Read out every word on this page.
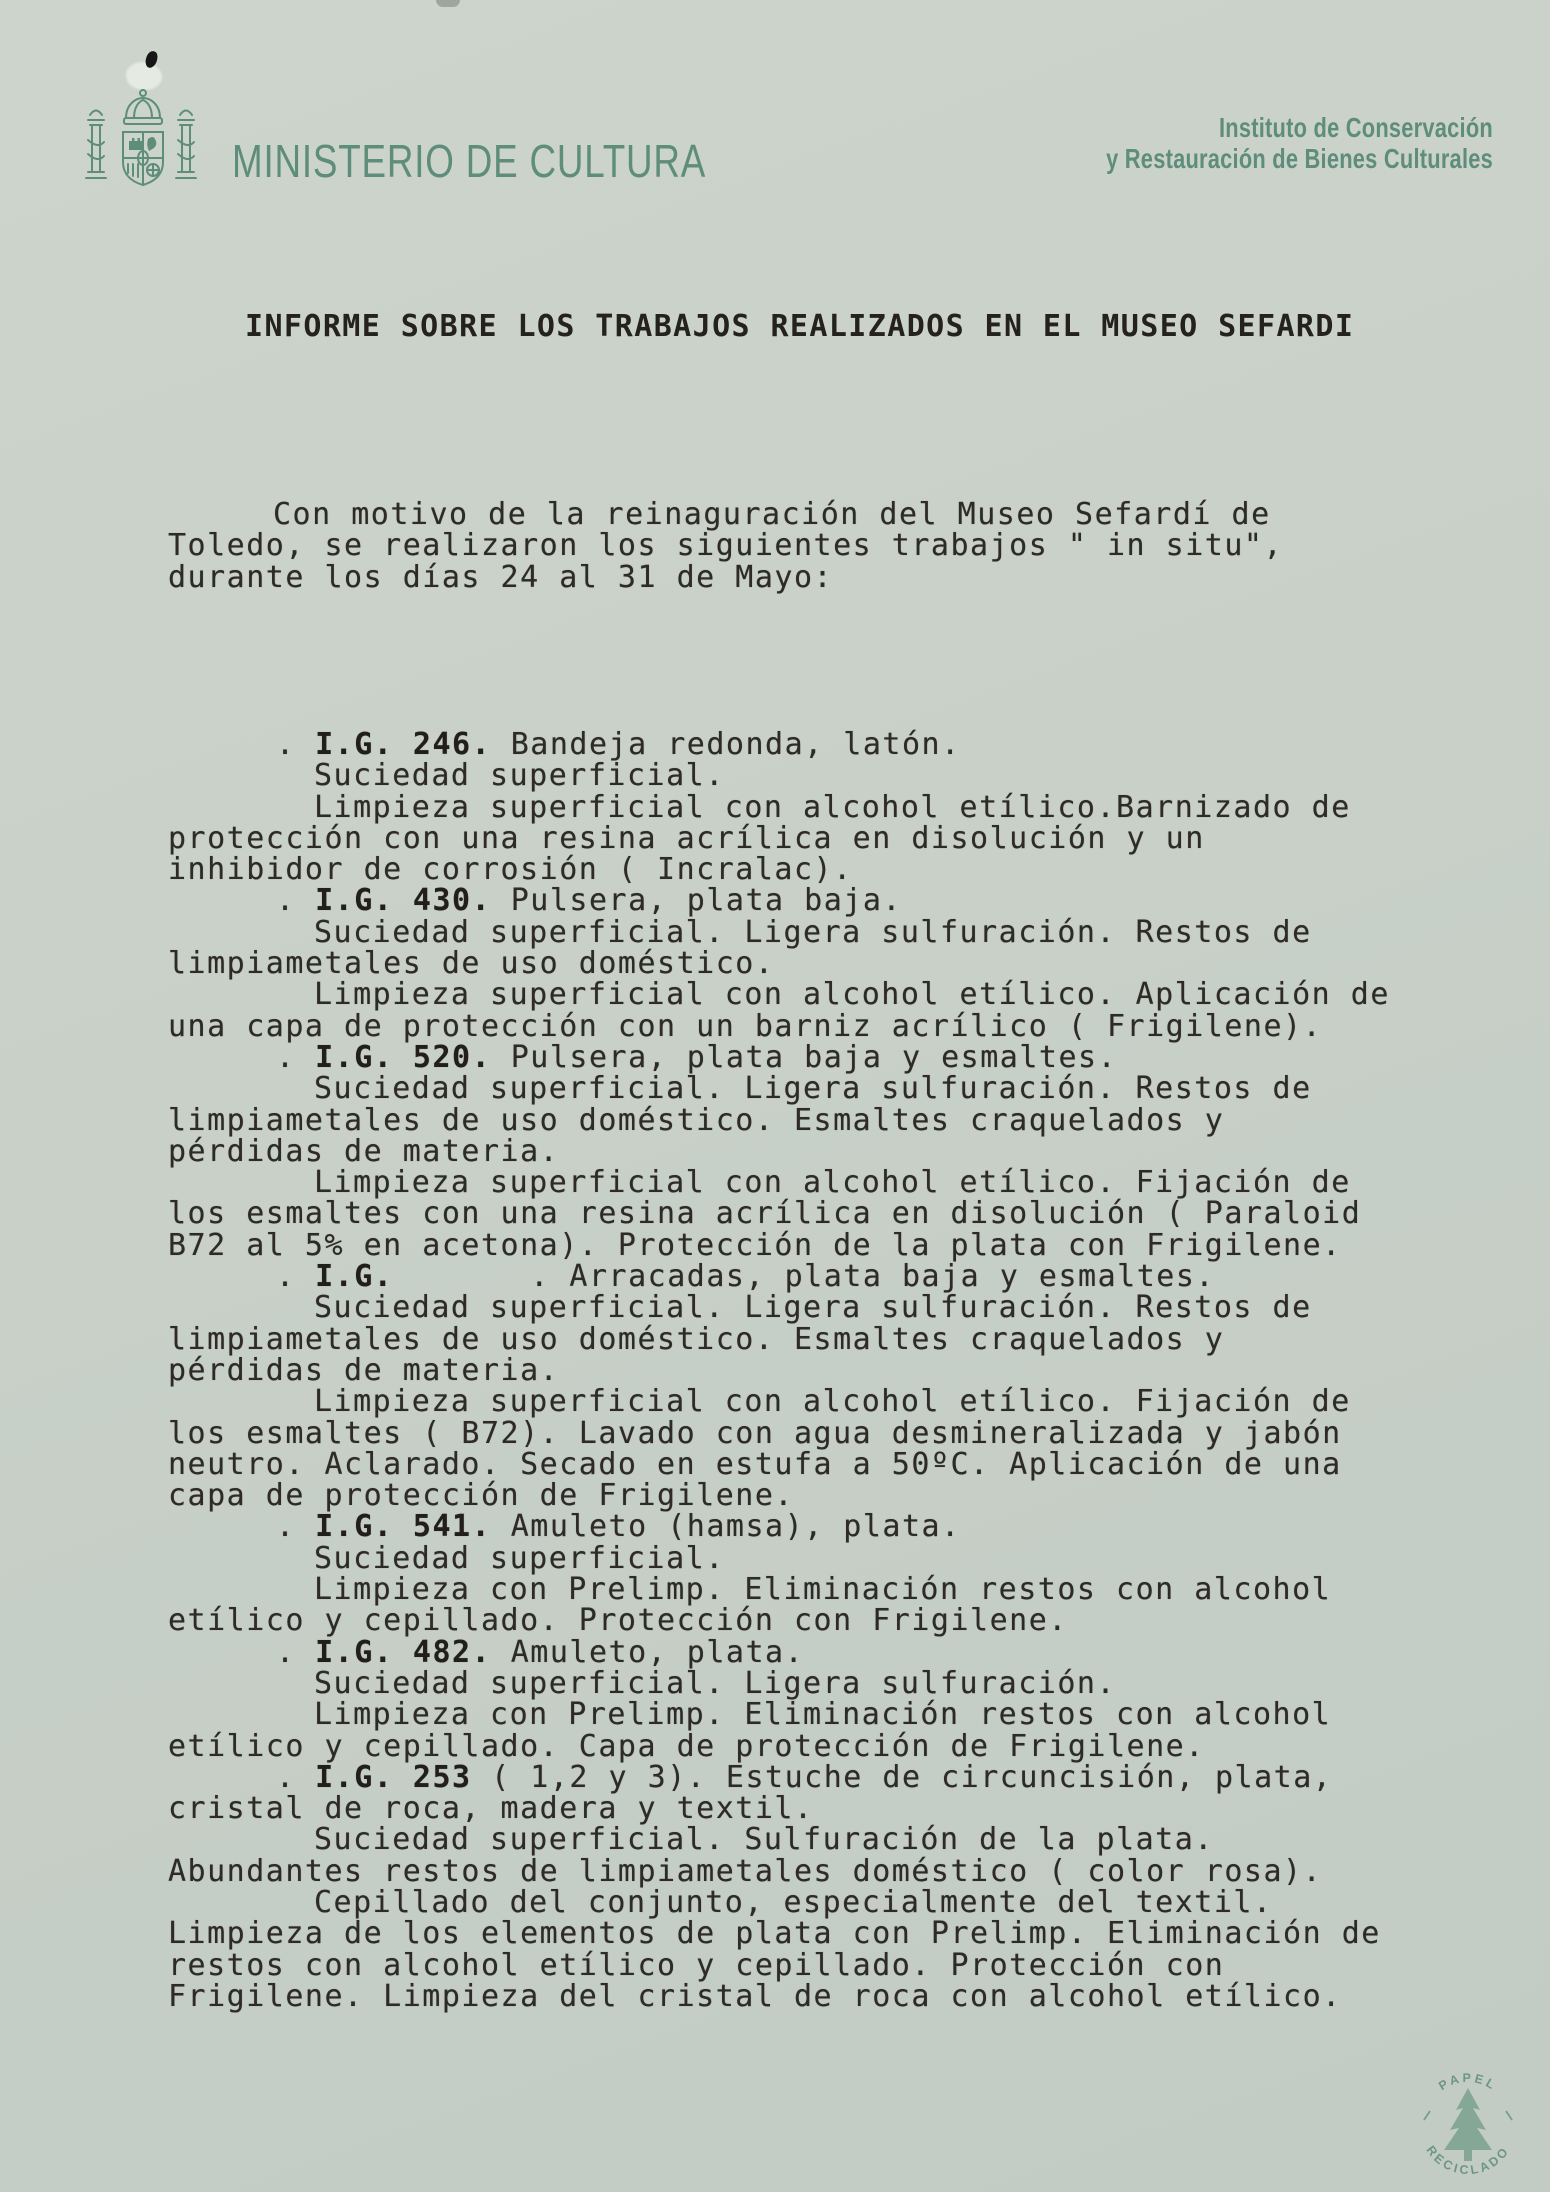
MINISTERIO DE CULTURA
Instituto de Conservación
y Restauración de Bienes Culturales
INFORME SOBRE LOS TRABAJOS REALIZADOS EN EL MUSEO SEFARDI
Con motivo de la reinaguración del Museo Sefardí de
Toledo, se realizaron los siguientes trabajos " in situ",
durante los días 24 al 31 de Mayo:
. I.G. 246. Bandeja redonda, latón.
Suciedad superficial.
Limpieza superficial con alcohol etílico.Barnizado de
protección con una resina acrílica en disolución y un
inhibidor de corrosión ( Incralac).
. I.G. 430. Pulsera, plata baja.
Suciedad superficial. Ligera sulfuración. Restos de
limpiametales de uso doméstico.
Limpieza superficial con alcohol etílico. Aplicación de
una capa de protección con un barniz acrílico ( Frigilene).
. I.G. 520. Pulsera, plata baja y esmaltes.
Suciedad superficial. Ligera sulfuración. Restos de
limpiametales de uso doméstico. Esmaltes craquelados y
pérdidas de materia.
Limpieza superficial con alcohol etílico. Fijación de
los esmaltes con una resina acrílica en disolución ( Paraloid
B72 al 5% en acetona). Protección de la plata con Frigilene.
. I.G.       . Arracadas, plata baja y esmaltes.
Suciedad superficial. Ligera sulfuración. Restos de
limpiametales de uso doméstico. Esmaltes craquelados y
pérdidas de materia.
Limpieza superficial con alcohol etílico. Fijación de
los esmaltes ( B72). Lavado con agua desmineralizada y jabón
neutro. Aclarado. Secado en estufa a 50ºC. Aplicación de una
capa de protección de Frigilene.
. I.G. 541. Amuleto (hamsa), plata.
Suciedad superficial.
Limpieza con Prelimp. Eliminación restos con alcohol
etílico y cepillado. Protección con Frigilene.
. I.G. 482. Amuleto, plata.
Suciedad superficial. Ligera sulfuración.
Limpieza con Prelimp. Eliminación restos con alcohol
etílico y cepillado. Capa de protección de Frigilene.
. I.G. 253 ( 1,2 y 3). Estuche de circuncisión, plata,
cristal de roca, madera y textil.
Suciedad superficial. Sulfuración de la plata.
Abundantes restos de limpiametales doméstico ( color rosa).
Cepillado del conjunto, especialmente del textil.
Limpieza de los elementos de plata con Prelimp. Eliminación de
restos con alcohol etílico y cepillado. Protección con
Frigilene. Limpieza del cristal de roca con alcohol etílico.
PAPEL
RECICLADO
